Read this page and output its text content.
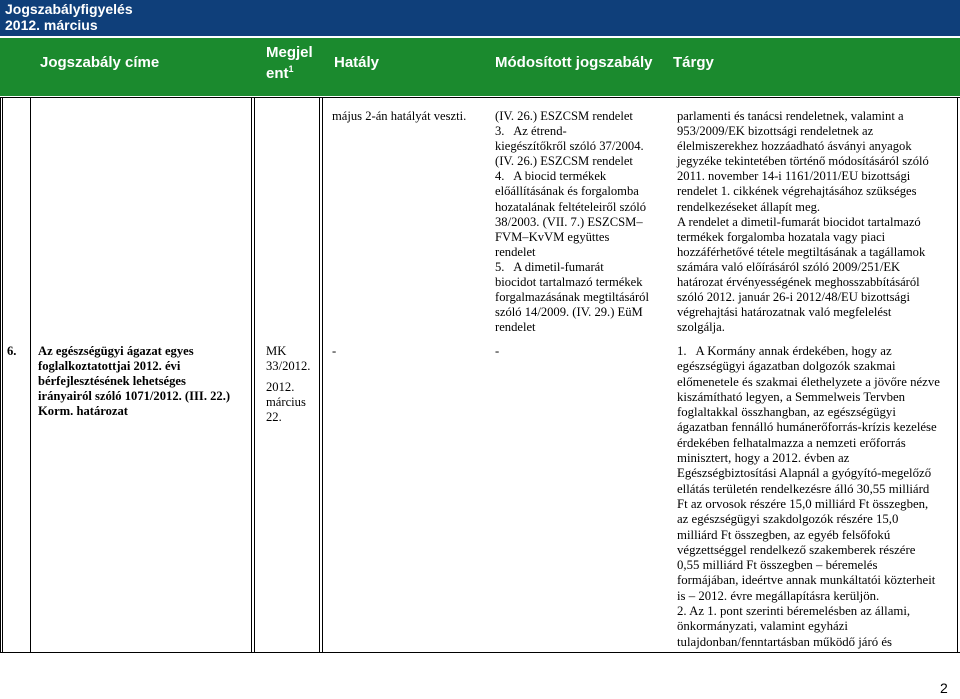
Jogszabályfigyelés
2012. március
Jogszabály címe
Megjel
ent$^1$	Hatály	Módosított jogszabály Tárgy
6. Az egészségügyi ágazat egyes
foglalkoztatottjai 2012. évi
bérfejlesztésének lehetséges
irányairól szóló 1071/2012. (III. 22.)
Korm. határozat
MK
33/2012.
2012.
március
22.
május 2-án hatályát veszti.
-
(IV. 26.) ESZCSM rendelet
3.   Az étrend-
kiegészítőkről szóló 37/2004.
(IV. 26.) ESZCSM rendelet
4.   A biocid termékek
előállításának és forgalomba
hozatalának feltételeiről szóló
38/2003. (VII. 7.) ESZCSM–
FVM–KvVM együttes
rendelet
5.   A dimetil-fumarát
biocidot tartalmazó termékek
forgalmazásának megtiltásáról
szóló 14/2009. (IV. 29.) EüM
rendelet
-
parlamenti és tanácsi rendeletnek, valamint a
953/2009/EK bizottsági rendeletnek az
élelmiszerekhez hozzáadható ásványi anyagok
jegyzéke tekintetében történő módosításáról szóló
2011. november 14-i 1161/2011/EU bizottsági
rendelet 1. cikkének végrehajtásához szükséges
rendelkezéseket állapít meg.
A rendelet a dimetil-fumarát biocidot tartalmazó
termékek forgalomba hozatala vagy piaci
hozzáférhetővé tétele megtiltásának a tagállamok
számára való előírásáról szóló 2009/251/EK
határozat érvényességének meghosszabbításáról
szóló 2012. január 26-i 2012/48/EU bizottsági
végrehajtási határozatnak való megfelelést
szolgálja.
1.   A Kormány annak érdekében, hogy az
egészségügyi ágazatban dolgozók szakmai
előmenetele és szakmai élethelyzete a jövőre nézve
kiszámítható legyen, a Semmelweis Tervben
foglaltakkal összhangban, az egészségügyi
ágazatban fennálló humánerőforrás-krízis kezelése
érdekében felhatalmazza a nemzeti erőforrás
minisztert, hogy a 2012. évben az
Egészségbiztosítási Alapnál a gyógyító-megelőző
ellátás területén rendelkezésre álló 30,55 milliárd
Ft az orvosok részére 15,0 milliárd Ft összegben,
az egészségügyi szakdolgozók részére 15,0
milliárd Ft összegben, az egyéb felsőfokú
végzettséggel rendelkező szakemberek részére
0,55 milliárd Ft összegben – béremelés
formájában, ideértve annak munkáltatói közterheit
is – 2012. évre megállapításra kerüljön.
2. Az 1. pont szerinti béremelésben az állami,
önkormányzati, valamint egyházi
tulajdonban/fenntartásban működő járó és
2
